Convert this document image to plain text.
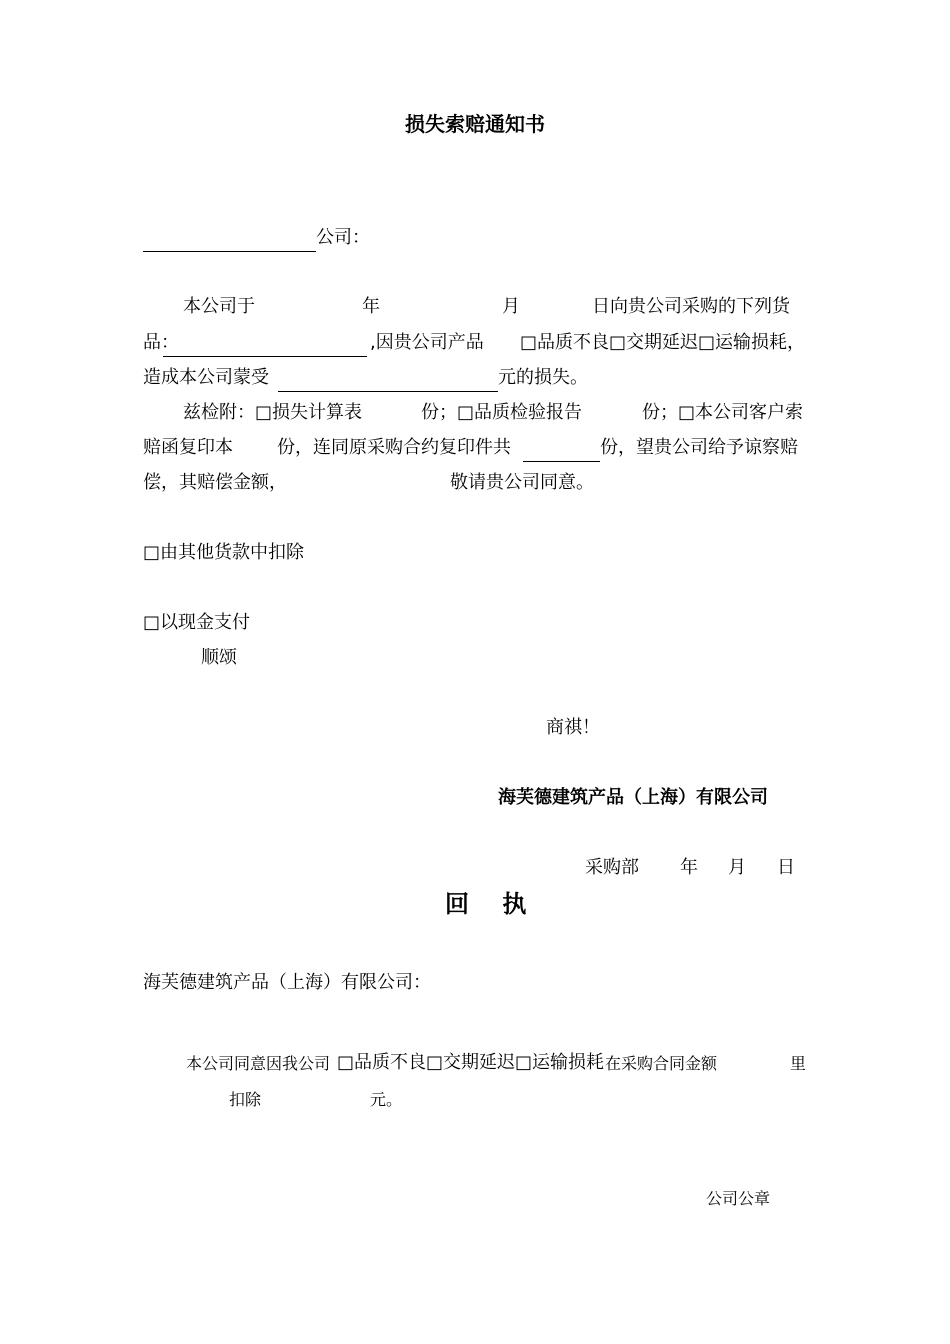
损失索赔通知书
公司：
本公司于	年	月	日向贵公司采购的下列货
品：	,因贵公司产品 □品质不良□交期延迟□运输损耗，
造成本公司蒙受	元的损失。
兹检附：□损失计算表	份；□品质检验报告	份；□本公司客户索
赔函复印本 份，连同原采购合约复印件共	份，望贵公司给予谅察赔
偿，其赔偿金额，	敬请贵公司同意。
□由其他货款中扣除
□以现金支付
顺颂
商祺！
海芙德建筑产品（上海）有限公司
采购部 年 月 日
回    执
海芙德建筑产品（上海）有限公司：
本公司同意因我公司 □品质不良□交期延迟□运输损耗 在采购合同金额	里
扣除	元。
公司公章
